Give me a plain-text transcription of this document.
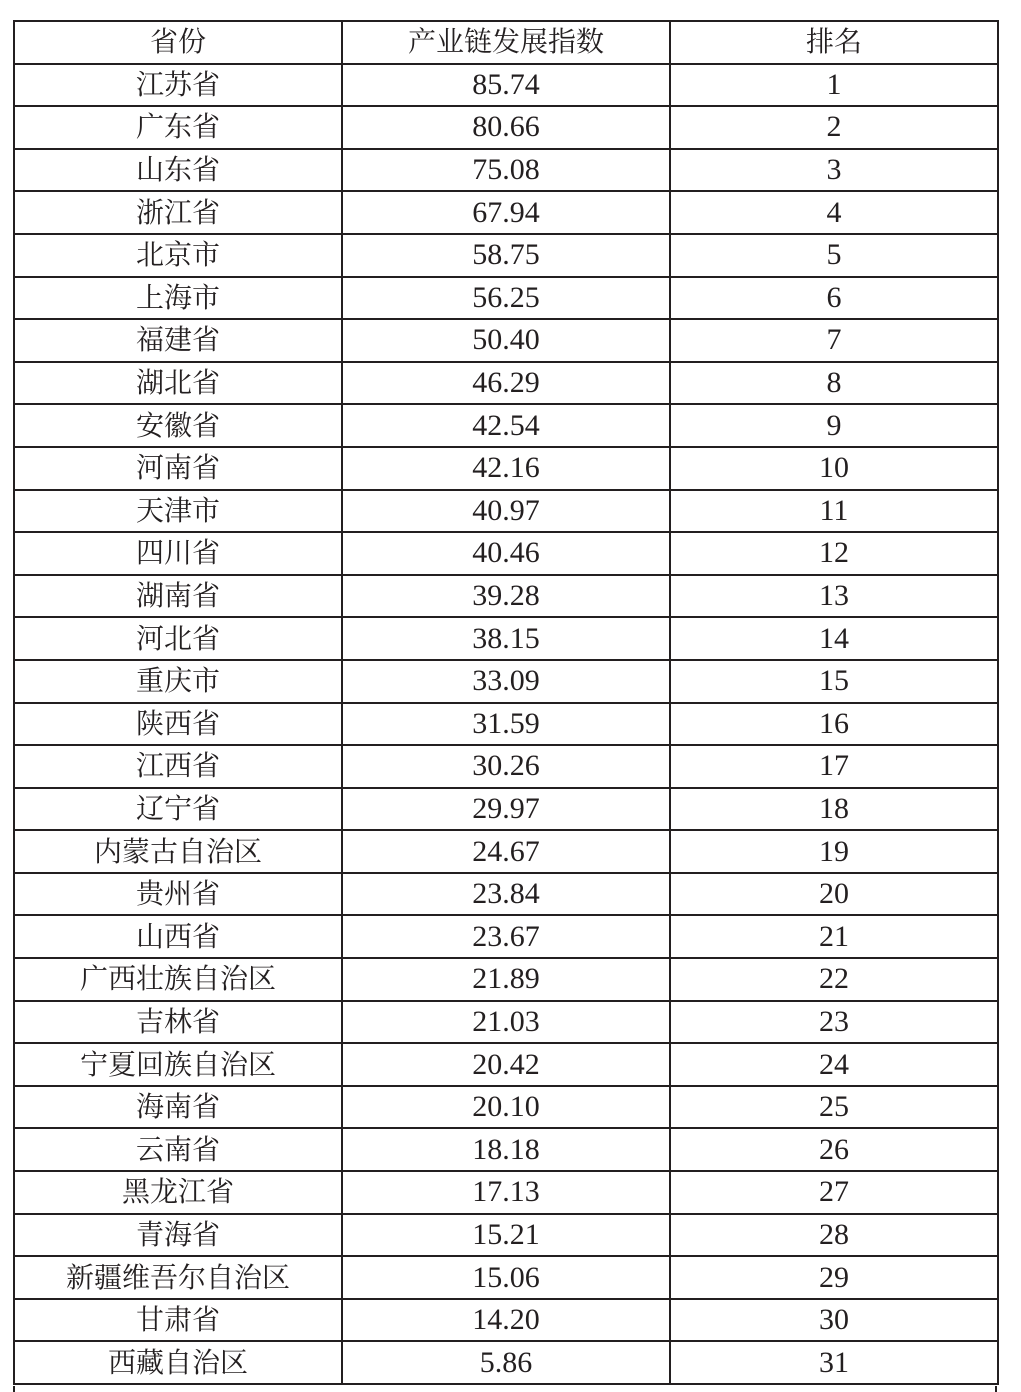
省份	产业链发展指数	排名
江苏省	85.74	1
广东省	80.66	2
山东省	75.08	3
浙江省	67.94	4
北京市	58.75	5
上海市	56.25	6
福建省	50.40	7
湖北省	46.29	8
安徽省	42.54	9
河南省	42.16	10
天津市	40.97	11
四川省	40.46	12
湖南省	39.28	13
河北省	38.15	14
重庆市	33.09	15
陕西省	31.59	16
江西省	30.26	17
辽宁省	29.97	18
内蒙古自治区	24.67	19
贵州省	23.84	20
山西省	23.67	21
广西壮族自治区	21.89	22
吉林省	21.03	23
宁夏回族自治区	20.42	24
海南省	20.10	25
云南省	18.18	26
黑龙江省	17.13	27
青海省	15.21	28
新疆维吾尔自治区	15.06	29
甘肃省	14.20	30
西藏自治区	5.86	31
